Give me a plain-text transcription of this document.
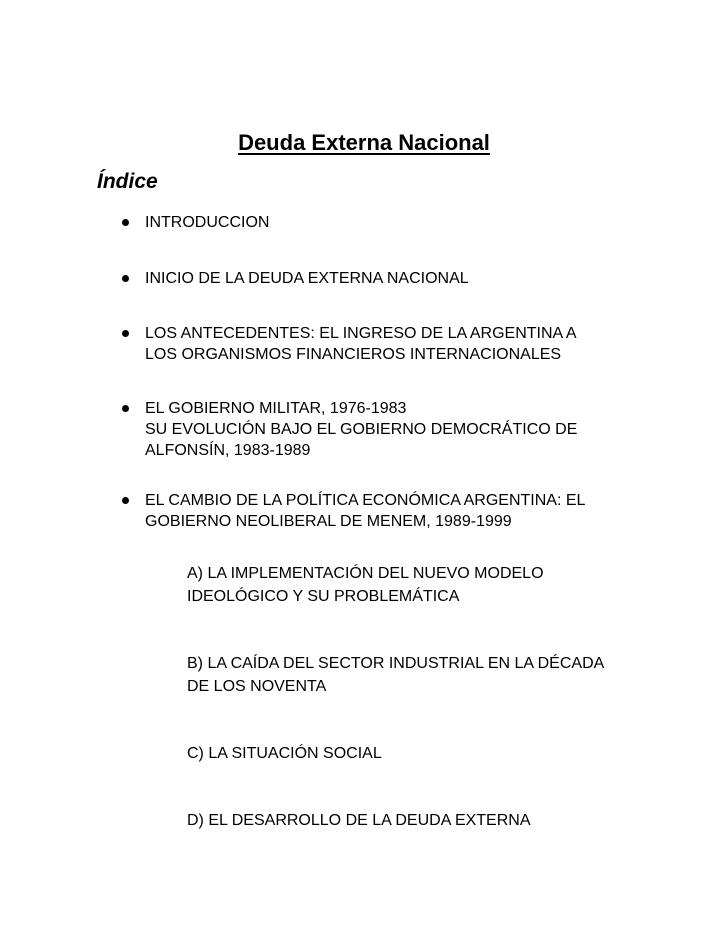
Deuda Externa Nacional
Índice
INTRODUCCION
INICIO DE LA DEUDA EXTERNA NACIONAL
LOS ANTECEDENTES: EL INGRESO DE LA ARGENTINA A
LOS ORGANISMOS FINANCIEROS INTERNACIONALES
EL GOBIERNO MILITAR, 1976-1983
SU EVOLUCIÓN BAJO EL GOBIERNO DEMOCRÁTICO DE
ALFONSÍN, 1983-1989
EL CAMBIO DE LA POLÍTICA ECONÓMICA ARGENTINA: EL
GOBIERNO NEOLIBERAL DE MENEM, 1989-1999
A) LA IMPLEMENTACIÓN DEL NUEVO MODELO
IDEOLÓGICO Y SU PROBLEMÁTICA
B) LA CAÍDA DEL SECTOR INDUSTRIAL EN LA DÉCADA
DE LOS NOVENTA
C) LA SITUACIÓN SOCIAL
D) EL DESARROLLO DE LA DEUDA EXTERNA
